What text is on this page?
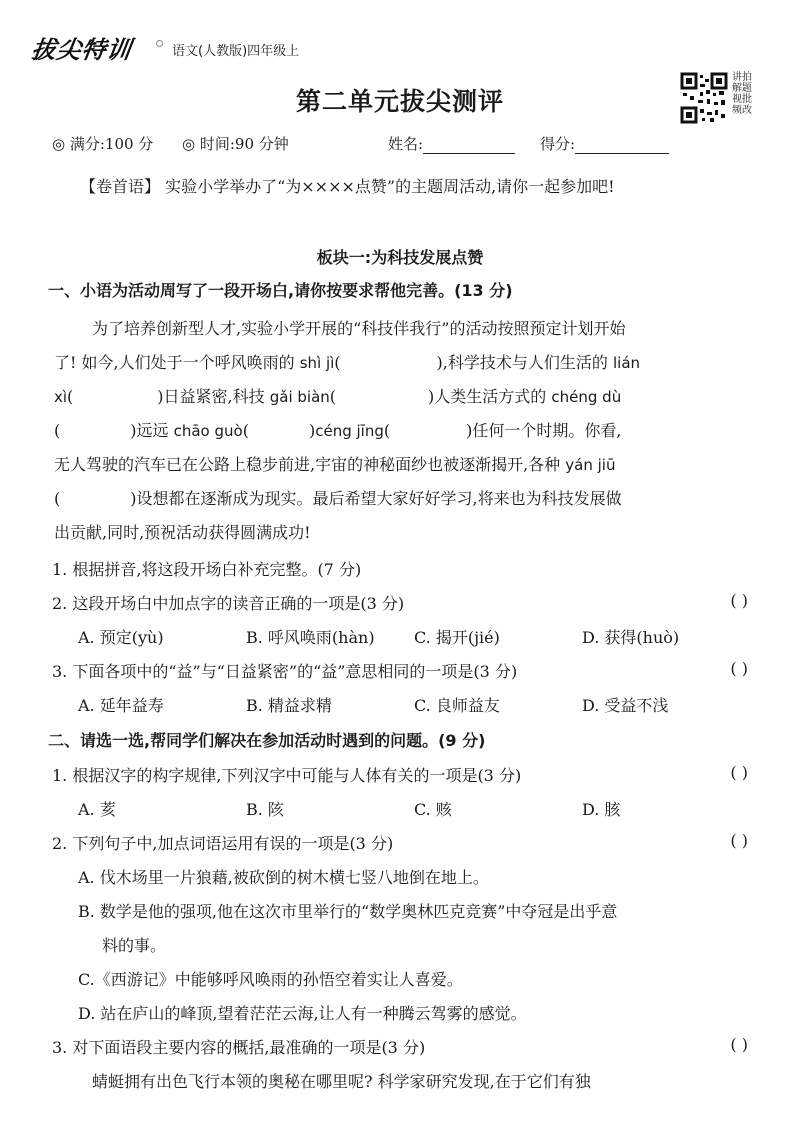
拔尖特训	语文(人教版)四年级上
第二单元拔尖测评
讲拍解题视批频改
◎ 满分:100 分 ◎ 时间:90 分钟	姓名:	得分:
【卷首语】 实验小学举办了“为××××点赞”的主题周活动,请你一起参加吧!
板块一:为科技发展点赞
一、小语为活动周写了一段开场白,请你按要求帮他完善。(13 分)
为了培养创新型人才,实验小学开展的“科技伴我行”的活动按照预定计划开始
了! 如今,人们处于一个呼风唤雨的 shì jì(	),科学技术与人们生活的 lián
xì(	)日益紧密,科技 gǎi biàn(	)人类生活方式的 chéng dù
(	)远远 chāo guò(	)céng jīng(	)任何一个时期。你看,
无人驾驶的汽车已在公路上稳步前进,宇宙的神秘面纱也被逐渐揭开,各种 yán jiū
(	)设想都在逐渐成为现实。最后希望大家好好学习,将来也为科技发展做
出贡献,同时,预祝活动获得圆满成功!
1. 根据拼音,将这段开场白补充完整。(7 分)
2. 这段开场白中加点字的读音正确的一项是(3 分)	( )
A. 预定(yù)	B. 呼风唤雨(hàn) C. 揭开(jié)	D. 获得(huò)
3. 下面各项中的“益”与“日益紧密”的“益”意思相同的一项是(3 分)	( )
A. 延年益寿	B. 精益求精	C. 良师益友	D. 受益不浅
二、请选一选,帮同学们解决在参加活动时遇到的问题。(9 分)
1. 根据汉字的构字规律,下列汉字中可能与人体有关的一项是(3 分)	( )
A. 荄	B. 陔	C. 赅	D. 胲
2. 下列句子中,加点词语运用有误的一项是(3 分)	( )
A. 伐木场里一片狼藉,被砍倒的树木横七竖八地倒在地上。
B. 数学是他的强项,他在这次市里举行的“数学奥林匹克竞赛”中夺冠是出乎意
料的事。
C.《西游记》中能够呼风唤雨的孙悟空着实让人喜爱。
D. 站在庐山的峰顶,望着茫茫云海,让人有一种腾云驾雾的感觉。
3. 对下面语段主要内容的概括,最准确的一项是(3 分)	( )
蜻蜓拥有出色飞行本领的奥秘在哪里呢? 科学家研究发现,在于它们有独
